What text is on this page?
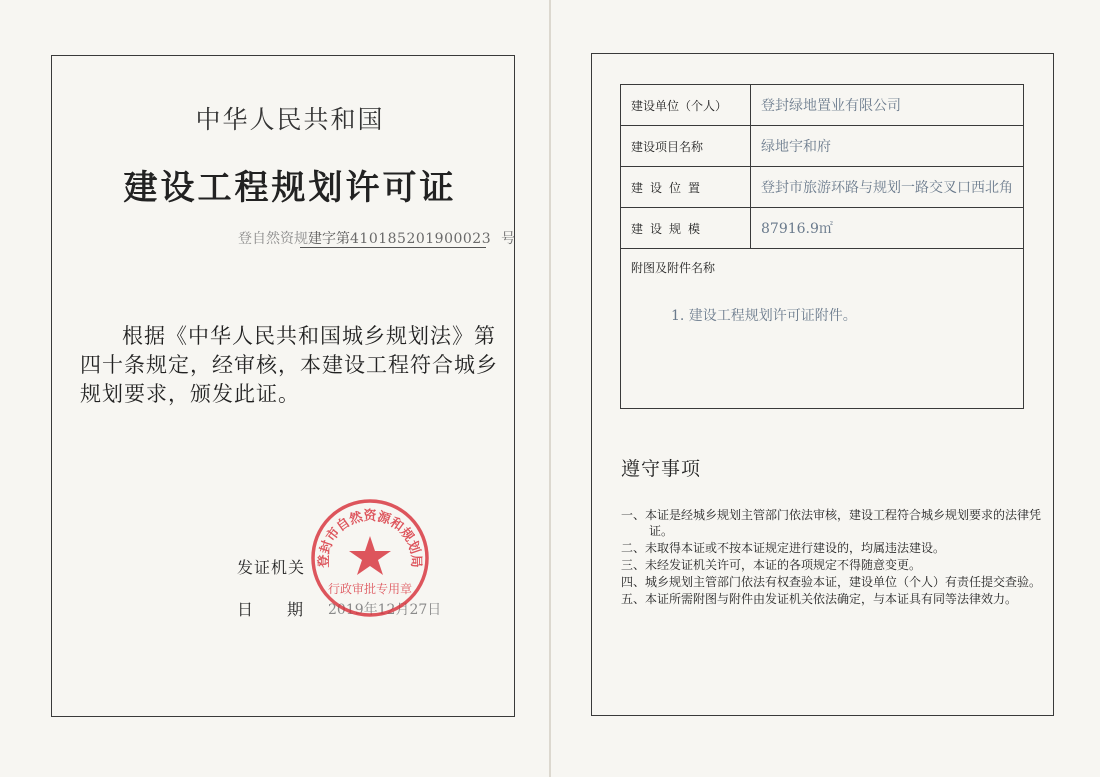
中华人民共和国
建设工程规划许可证
登自然资规建字第410185201900023 号
根据《中华人民共和国城乡规划法》第
四十条规定，经审核，本建设工程符合城乡
规划要求，颁发此证。
发证机关
日 期 2019年12月27日
登封市自然资源和规划局
行政审批专用章
建设单位（个人）	登封绿地置业有限公司
建设项目名称	绿地宇和府
建设位置	登封市旅游环路与规划一路交叉口西北角
建设规模	87916.9㎡
附图及附件名称
1. 建设工程规划许可证附件。
遵守事项
一、本证是经城乡规划主管部门依法审核，建设工程符合城乡规划要求的法律凭证。
二、未取得本证或不按本证规定进行建设的，均属违法建设。
三、未经发证机关许可，本证的各项规定不得随意变更。
四、城乡规划主管部门依法有权查验本证，建设单位（个人）有责任提交查验。
五、本证所需附图与附件由发证机关依法确定，与本证具有同等法律效力。
